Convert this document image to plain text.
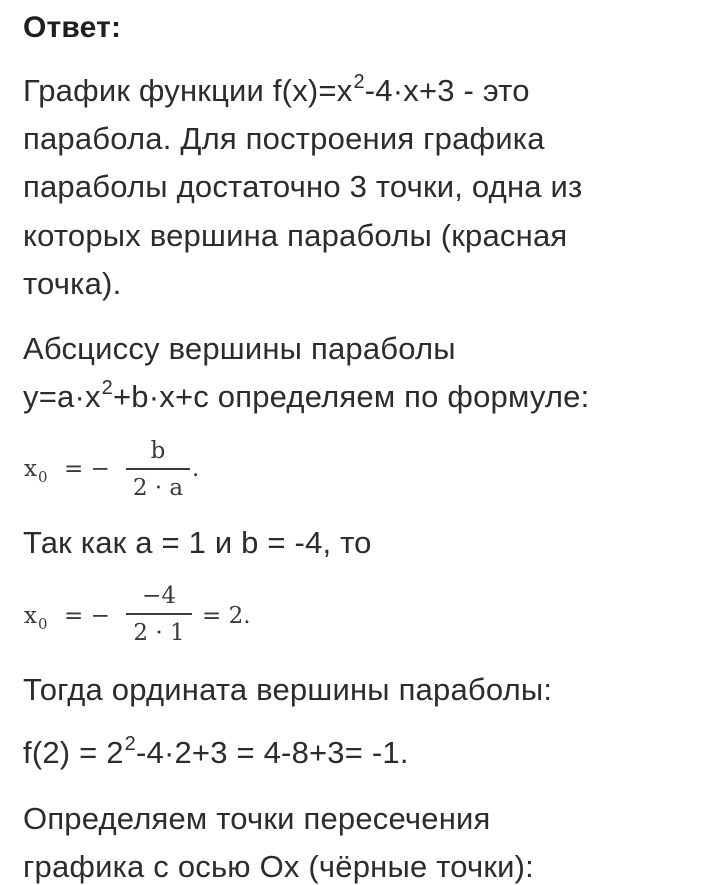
Ответ:
График функции $f(x)=x^2-4\cdot x+3$ - это
парабола. Для построения графика
параболы достаточно 3 точки, одна из
которых вершина параболы (красная
точка).
Абсциссу вершины параболы
$y=a\cdot x^2+b\cdot x+c$ определяем по формуле:
$x_0$ = −
b
2 · a
.
Так как a = 1 и b = -4, то
$x_0$ = −
−4
2 · 1
= 2.
Тогда ордината вершины параболы:
$f(2) = 2^2-4\cdot 2+3 = 4-8+3= -1$.
Определяем точки пересечения
графика с осью Ox (чёрные точки):
